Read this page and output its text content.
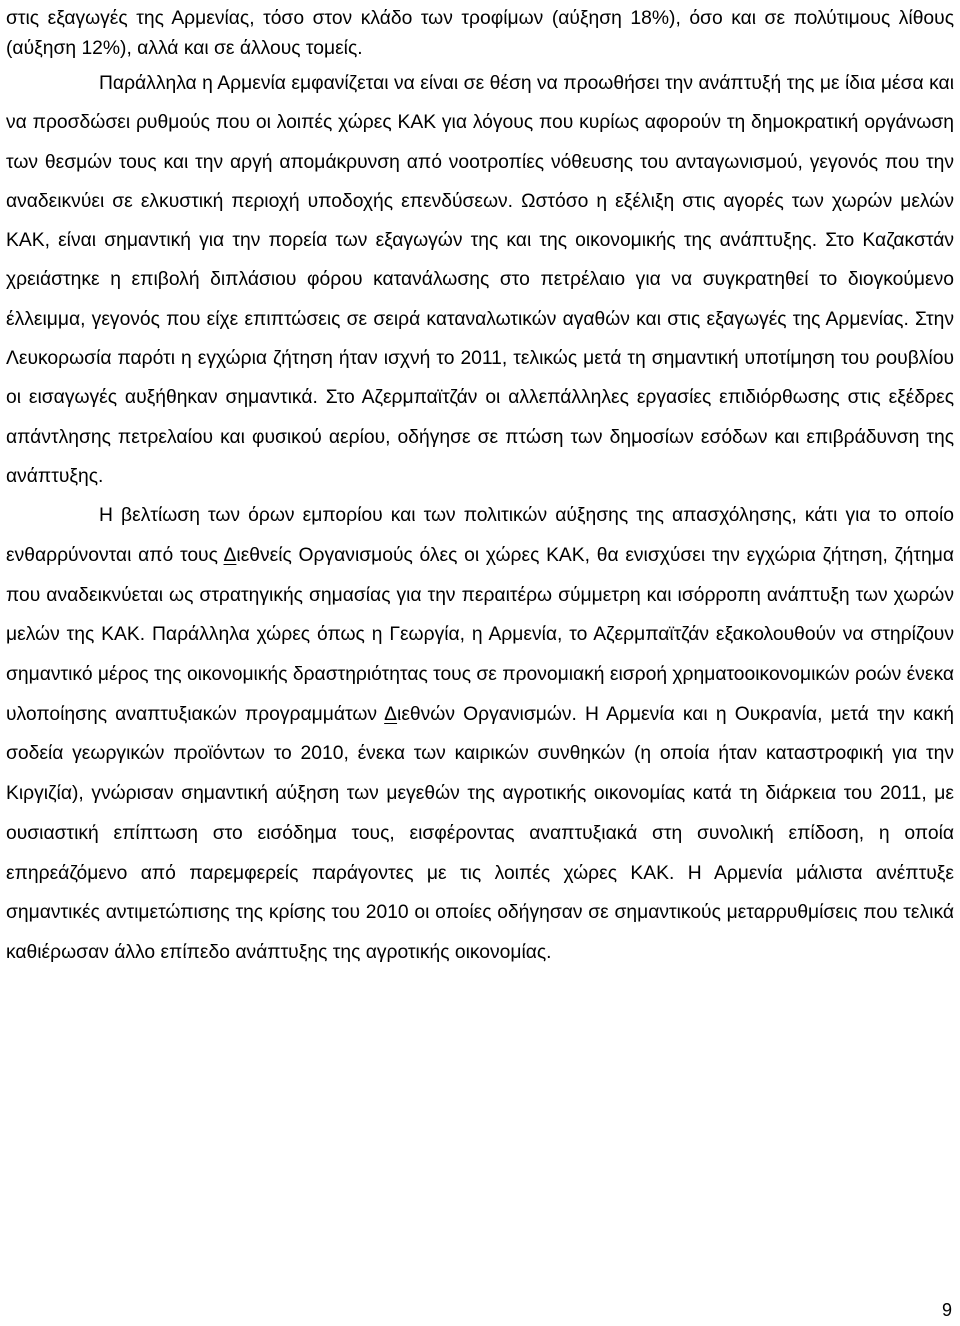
στις εξαγωγές της Αρμενίας, τόσο στον κλάδο των τροφίμων (αύξηση 18%), όσο και σε πολύτιμους λίθους (αύξηση 12%), αλλά και σε άλλους τομείς.

Παράλληλα η Αρμενία εμφανίζεται να είναι σε θέση να προωθήσει την ανάπτυξή της με ίδια μέσα και να προσδώσει ρυθμούς που οι λοιπές χώρες ΚΑΚ για λόγους που κυρίως αφορούν τη δημοκρατική οργάνωση των θεσμών τους και την αργή απομάκρυνση από νοοτροπίες νόθευσης του ανταγωνισμού, γεγονός που την αναδεικνύει σε ελκυστική περιοχή υποδοχής επενδύσεων. Ωστόσο η εξέλιξη στις αγορές των χωρών μελών ΚΑΚ, είναι σημαντική για την πορεία των εξαγωγών της και της οικονομικής της ανάπτυξης. Στο Καζακστάν χρειάστηκε η επιβολή διπλάσιου φόρου κατανάλωσης στο πετρέλαιο για να συγκρατηθεί το διογκούμενο έλλειμμα, γεγονός που είχε επιπτώσεις σε σειρά καταναλωτικών αγαθών και στις εξαγωγές της Αρμενίας. Στην Λευκορωσία παρότι η εγχώρια ζήτηση ήταν ισχνή το 2011, τελικώς μετά τη σημαντική υποτίμηση του ρουβλίου οι εισαγωγές αυξήθηκαν σημαντικά. Στο Αζερμπαϊτζάν οι αλλεπάλληλες εργασίες επιδιόρθωσης στις εξέδρες απάντλησης πετρελαίου και φυσικού αερίου, οδήγησε σε πτώση των δημοσίων εσόδων και επιβράδυνση της ανάπτυξης.

Η βελτίωση των όρων εμπορίου και των πολιτικών αύξησης της απασχόλησης, κάτι για το οποίο ενθαρρύνονται από τους Διεθνείς Οργανισμούς όλες οι χώρες ΚΑΚ, θα ενισχύσει την εγχώρια ζήτηση, ζήτημα που αναδεικνύεται ως στρατηγικής σημασίας για την περαιτέρω σύμμετρη και ισόρροπη ανάπτυξη των χωρών μελών της ΚΑΚ. Παράλληλα χώρες όπως η Γεωργία, η Αρμενία, το Αζερμπαϊτζάν εξακολουθούν να στηρίζουν σημαντικό μέρος της οικονομικής δραστηριότητας τους σε προνομιακή εισροή χρηματοοικονομικών ροών ένεκα υλοποίησης αναπτυξιακών προγραμμάτων Διεθνών Οργανισμών. Η Αρμενία και η Ουκρανία, μετά την κακή σοδεία γεωργικών προϊόντων το 2010, ένεκα των καιρικών συνθηκών (η οποία ήταν καταστροφική για την Κιργιζία), γνώρισαν σημαντική αύξηση των μεγεθών της αγροτικής οικονομίας κατά τη διάρκεια του 2011, με ουσιαστική επίπτωση στο εισόδημα τους, εισφέροντας αναπτυξιακά στη συνολική επίδοση, η οποία επηρεάζόμενο από παρεμφερείς παράγοντες με τις λοιπές χώρες ΚΑΚ. Η Αρμενία μάλιστα ανέπτυξε σημαντικές αντιμετώπισης της κρίσης του 2010 οι οποίες οδήγησαν σε σημαντικούς μεταρρυθμίσεις που τελικά καθιέρωσαν άλλο επίπεδο ανάπτυξης της αγροτικής οικονομίας.

9
